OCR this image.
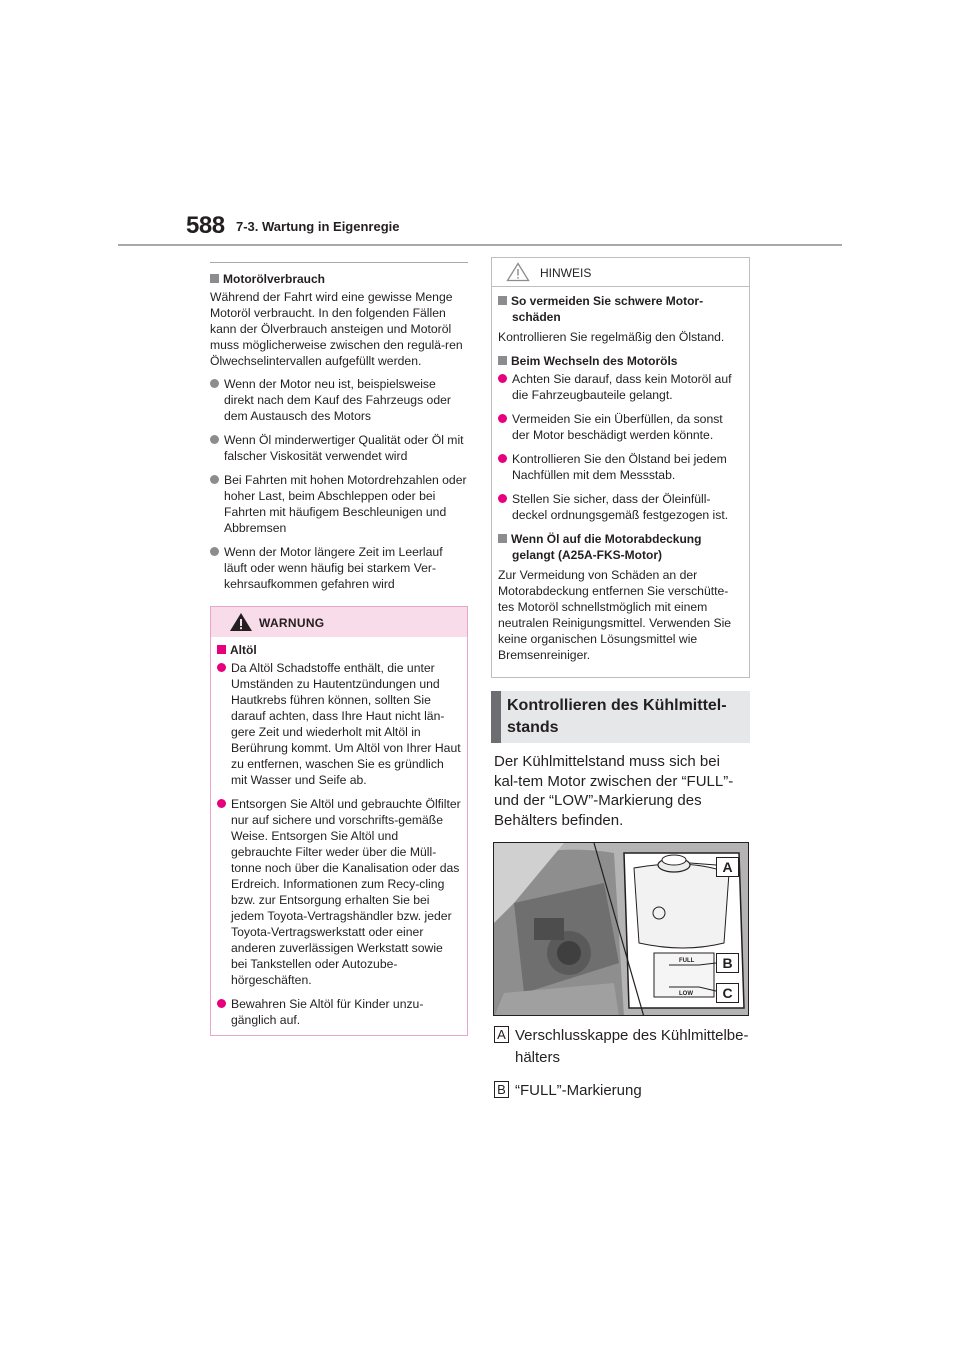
588 7-3. Wartung in Eigenregie
Motorölverbrauch

Während der Fahrt wird eine gewisse Menge Motoröl verbraucht. In den folgenden Fällen kann der Ölverbrauch ansteigen und Motoröl muss möglicherweise zwischen den regulä-ren Ölwechselintervallen aufgefüllt werden.

Wenn der Motor neu ist, beispielsweise direkt nach dem Kauf des Fahrzeugs oder dem Austausch des Motors
Wenn Öl minderwertiger Qualität oder Öl mit falscher Viskosität verwendet wird
Bei Fahrten mit hohen Motordrehzahlen oder hoher Last, beim Abschleppen oder bei Fahrten mit häufigem Beschleunigen und Abbremsen
Wenn der Motor längere Zeit im Leerlauf läuft oder wenn häufig bei starkem Ver-kehrsaufkommen gefahren wird
WARNUNG
Altöl
Da Altöl Schadstoffe enthält, die unter Umständen zu Hautentzündungen und Hautkrebs führen können, sollten Sie darauf achten, dass Ihre Haut nicht län-gere Zeit und wiederholt mit Altöl in Berührung kommt. Um Altöl von Ihrer Haut zu entfernen, waschen Sie es gründlich mit Wasser und Seife ab.
Entsorgen Sie Altöl und gebrauchte Ölfilter nur auf sichere und vorschrifts-gemäße Weise. Entsorgen Sie Altöl und gebrauchte Filter weder über die Müll-tonne noch über die Kanalisation oder das Erdreich. Informationen zum Recy-cling bzw. zur Entsorgung erhalten Sie bei jedem Toyota-Vertragshändler bzw. jeder Toyota-Vertragswerkstatt oder einer anderen zuverlässigen Werkstatt sowie bei Tankstellen oder Autozube-hörgeschäften.
Bewahren Sie Altöl für Kinder unzu-gänglich auf.
HINWEIS
So vermeiden Sie schwere Motor-schäden

Kontrollieren Sie regelmäßig den Ölstand.

Beim Wechseln des Motoröls
Achten Sie darauf, dass kein Motoröl auf die Fahrzeugbauteile gelangt.
Vermeiden Sie ein Überfüllen, da sonst der Motor beschädigt werden könnte.
Kontrollieren Sie den Ölstand bei jedem Nachfüllen mit dem Messstab.
Stellen Sie sicher, dass der Öleinfüll-deckel ordnungsgemäß festgezogen ist.
Wenn Öl auf die Motorabdeckung gelangt (A25A-FKS-Motor)

Zur Vermeidung von Schäden an der Motorabdeckung entfernen Sie verschütte-tes Motoröl schnellstmöglich mit einem neutralen Reinigungsmittel. Verwenden Sie keine organischen Lösungsmittel wie Bremsenreiniger.

Kontrollieren des Kühlmittel-stands
Der Kühlmittelstand muss sich bei kal-tem Motor zwischen der “FULL”- und der “LOW”-Markierung des Behälters befinden.
FULL
LOW
A
B
C
A Verschlusskappe des Kühlmittelbe-hälters
B “FULL”-Markierung
